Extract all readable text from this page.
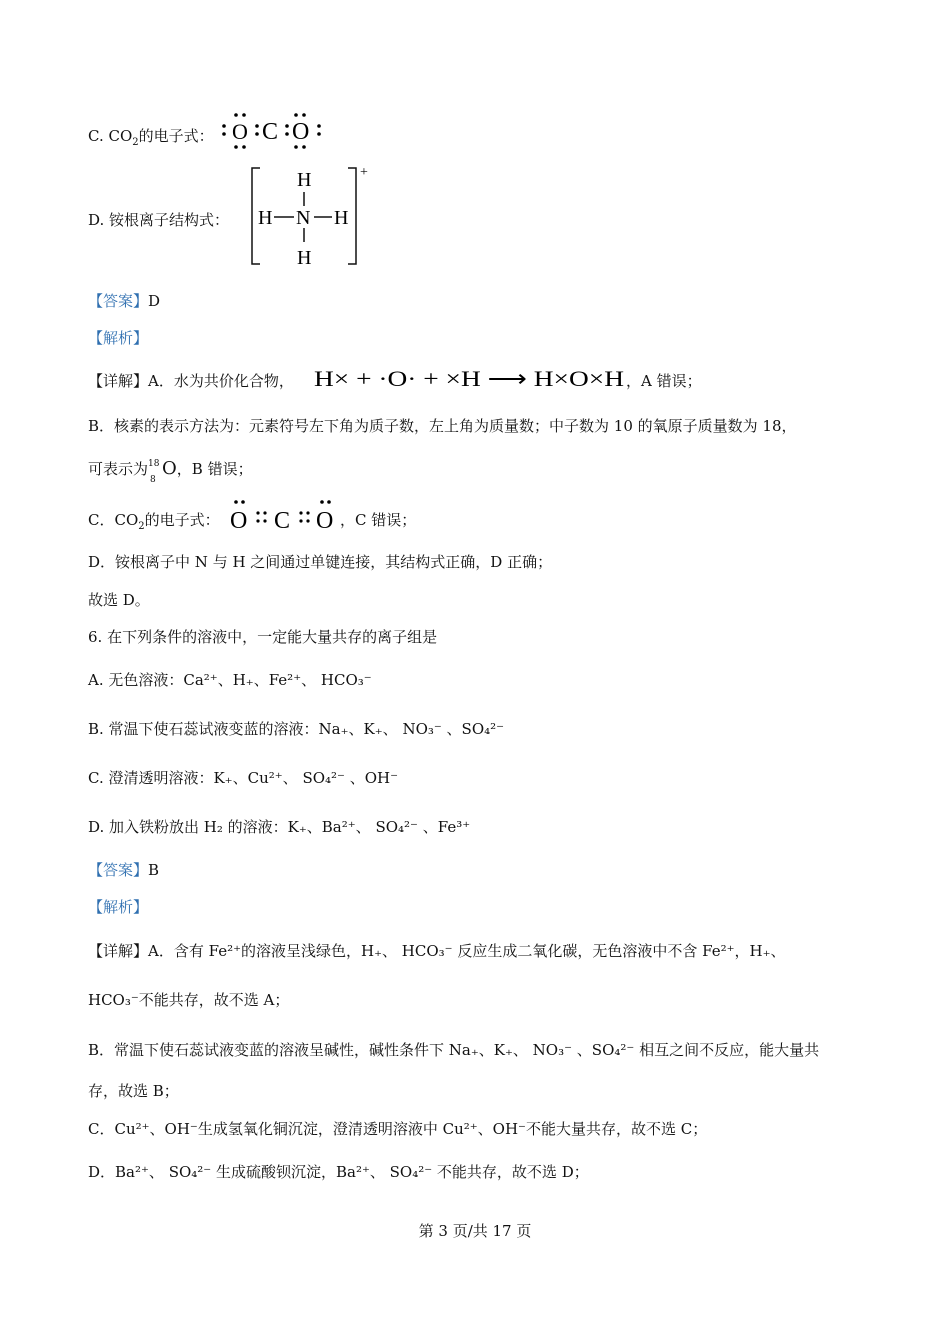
C. $CO_2$的电子式： O C O
D. 铵根离子结构式：
+
H
H N H
H
【答案】D
【解析】
【详解】A．水为共价化合物， H× + ·O· + ×H ⟶ H×O×H ，A 错误；
B．核素的表示方法为：元素符号左下角为质子数，左上角为质量数；中子数为 10 的氧原子质量数为 18，
可表示为 18
8
O，B 错误；
C．$CO_2$的电子式： O C O
O ∷ C ∷ O
，C 错误；
D．铵根离子中 N 与 H 之间通过单键连接，其结构式正确，D 正确；
故选 D。
6. 在下列条件的溶液中，一定能大量共存的离子组是
A. 无色溶液：Ca²⁺、H₊、Fe²⁺、 HCO₃⁻
B. 常温下使石蕊试液变蓝的溶液：Na₊、K₊、 NO₃⁻ 、SO₄²⁻
C. 澄清透明溶液：K₊、Cu²⁺、 SO₄²⁻ 、OH⁻
D. 加入铁粉放出 H₂ 的溶液：K₊、Ba²⁺、 SO₄²⁻ 、Fe³⁺
【答案】B
【解析】
【详解】A．含有 Fe²⁺的溶液呈浅绿色，H₊、 HCO₃⁻ 反应生成二氧化碳，无色溶液中不含 Fe²⁺，H₊、
HCO₃⁻不能共存，故不选 A；
B．常温下使石蕊试液变蓝的溶液呈碱性，碱性条件下 Na₊、K₊、 NO₃⁻ 、SO₄²⁻ 相互之间不反应，能大量共
存，故选 B；
C．Cu²⁺、OH⁻生成氢氧化铜沉淀，澄清透明溶液中 Cu²⁺、OH⁻不能大量共存，故不选 C；
D．Ba²⁺、 SO₄²⁻ 生成硫酸钡沉淀，Ba²⁺、 SO₄²⁻ 不能共存，故不选 D；
第 3 页/共 17 页
